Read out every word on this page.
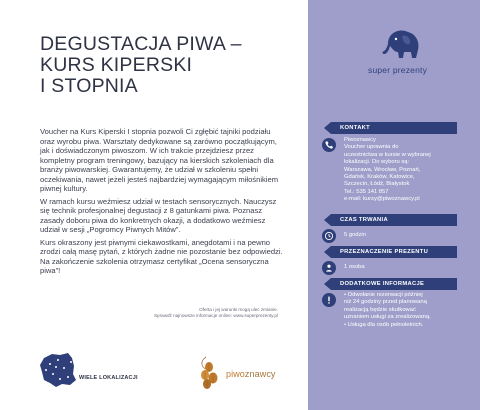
DEGUSTACJA PIWA –
KURS KIPERSKI
I STOPNIA

Voucher na Kurs Kiperski I stopnia pozwoli Ci zgłębić tajniki podziału oraz wyrobu piwa. Warsztaty dedykowane są zarówno początkującym, jak i doświadczonym piwoszom. W ich trakcie przejdziesz przez kompletny program treningowy, bazujący na kierskich szkoleniach dla branży piwowarskiej. Gwarantujemy, że udział w szkoleniu spełni oczekiwania, nawet jeżeli jesteś najbardziej wymagającym miłośnikiem piwnej kultury.

W ramach kursu weźmiesz udział w testach sensorycznych. Nauczysz się technik profesjonalnej degustacji z 8 gatunkami piwa. Poznasz zasady doboru piwa do konkretnych okazji, a dodatkowo weźmiesz udział w sesji „Pogromcy Piwnych Mitów”.

Kurs okraszony jest piwnymi ciekawostkami, anegdotami i na pewno zrodzi całą masę pytań, z których żadne nie pozostanie bez odpowiedzi. Na zakończenie szkolenia otrzymasz certyfikat „Ocena sensoryczna piwa”!

Oferta i jej warunki mogą ulec zmianie.
Sprawdź najnowsze informacje online: www.superprezenty.pl
WIELE LOKALIZACJI	piwoznawcy
super prezenty
KONTAKT
Piwoznawcy
Voucher uprawnia do
uczestnictwa w kursie w wybranej
lokalizacji. Do wyboru są:
Warszawa, Wrocław, Poznań,
Gdańsk, Kraków, Katowice,
Szczecin, Łódź, Białystok
Tel.: 535 141 857
e-mail: kursy@piwoznawcy.pl
CZAS TRWANIA
5 godzin
PRZEZNACZENIE PREZENTU
1 osoba
DODATKOWE INFORMACJE
• Odwołanie rezerwacji później
niż 24 godziny przed planowaną
realizacją będzie skutkować
uznaniem usługi za zrealizowaną.
• Usługa dla osób pełnoletnich.
